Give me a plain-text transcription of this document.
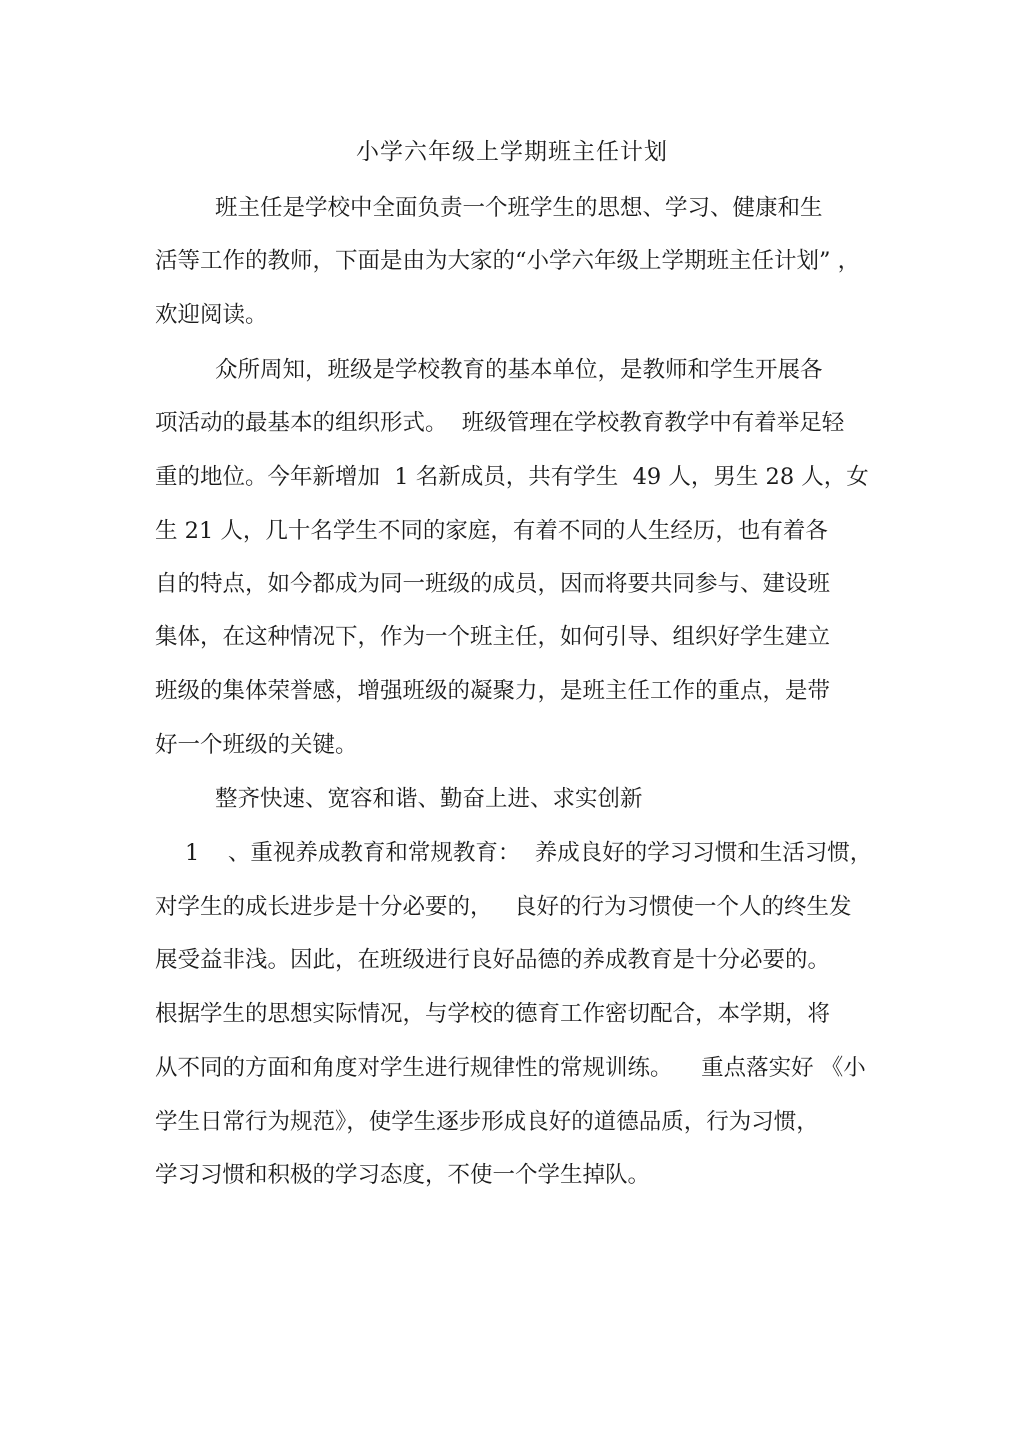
小学六年级上学期班主任计划

班主任是学校中全面负责一个班学生的思想、学习、健康和生

活等工作的教师，下面是由为大家的“小学六年级上学期班主任计划” ，

欢迎阅读。

众所周知，班级是学校教育的基本单位，是教师和学生开展各

项活动的最基本的组织形式。  班级管理在学校教育教学中有着举足轻

重的地位。今年新增加  1 名新成员，共有学生  49 人，男生 28 人，女

生 21 人，几十名学生不同的家庭，有着不同的人生经历，也有着各

自的特点，如今都成为同一班级的成员，因而将要共同参与、建设班

集体，在这种情况下，作为一个班主任，如何引导、组织好学生建立

班级的集体荣誉感，增强班级的凝聚力，是班主任工作的重点，是带

好一个班级的关键。

整齐快速、宽容和谐、勤奋上进、求实创新

1    、重视养成教育和常规教育：  养成良好的学习习惯和生活习惯，

对学生的成长进步是十分必要的，   良好的行为习惯使一个人的终生发

展受益非浅。因此，在班级进行良好品德的养成教育是十分必要的。

根据学生的思想实际情况，与学校的德育工作密切配合，本学期，将

从不同的方面和角度对学生进行规律性的常规训练。    重点落实好 《小

学生日常行为规范》，使学生逐步形成良好的道德品质，行为习惯，

学习习惯和积极的学习态度，不使一个学生掉队。
